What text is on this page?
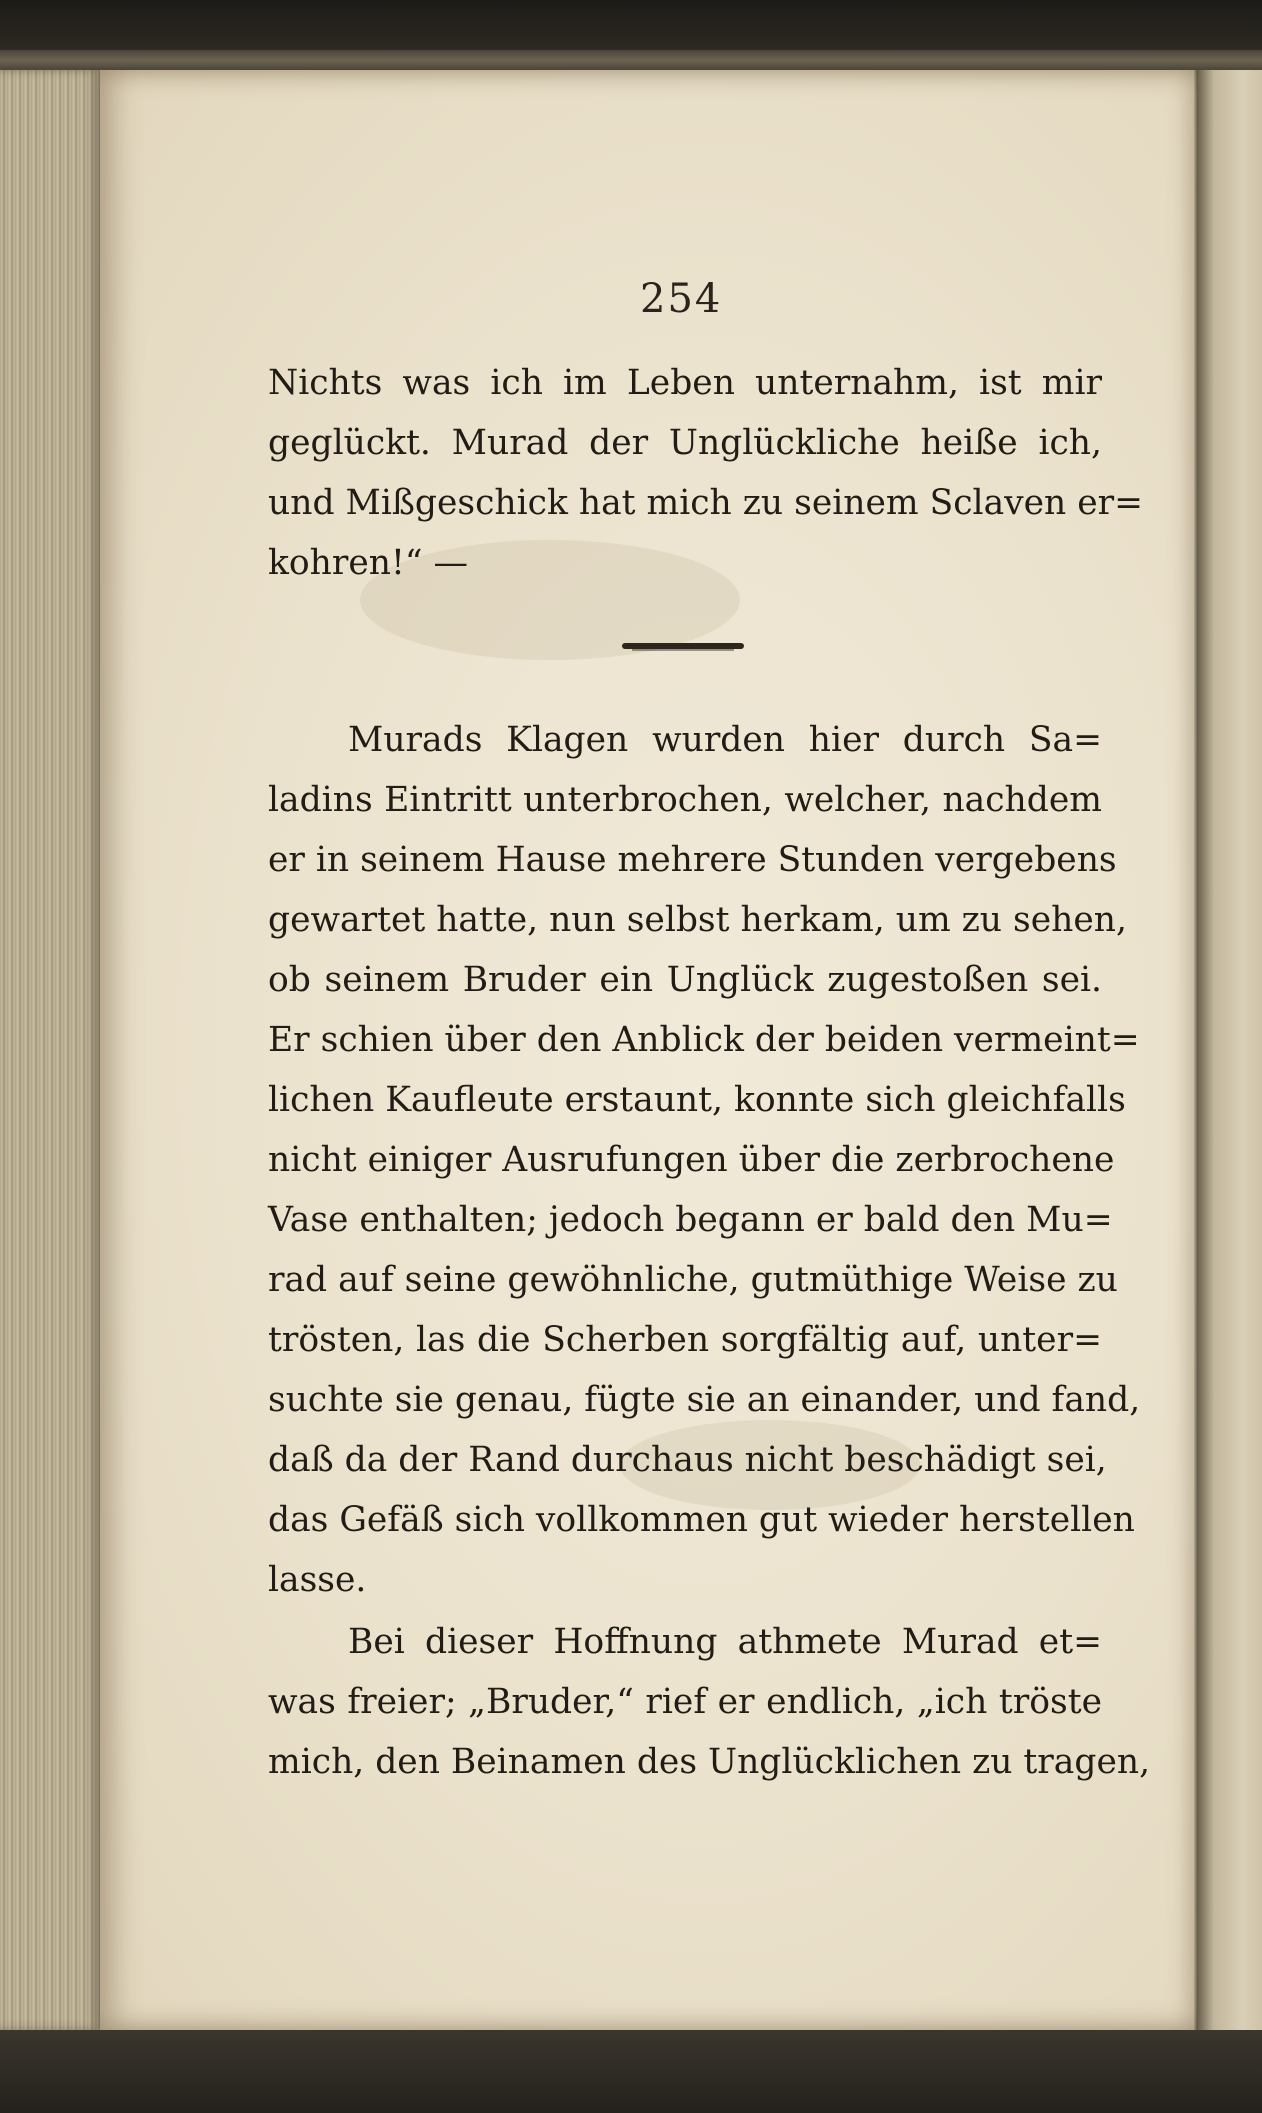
254
Nichts was ich im Leben unternahm, ist mir
geglückt. Murad der Unglückliche heiße ich,
und Mißgeschick hat mich zu seinem Sclaven er=
kohren!“ —
Murads Klagen wurden hier durch Sa=
ladins Eintritt unterbrochen, welcher, nachdem
er in seinem Hause mehrere Stunden vergebens
gewartet hatte, nun selbst herkam, um zu sehen,
ob seinem Bruder ein Unglück zugestoßen sei.
Er schien über den Anblick der beiden vermeint=
lichen Kaufleute erstaunt, konnte sich gleichfalls
nicht einiger Ausrufungen über die zerbrochene
Vase enthalten; jedoch begann er bald den Mu=
rad auf seine gewöhnliche, gutmüthige Weise zu
trösten, las die Scherben sorgfältig auf, unter=
suchte sie genau, fügte sie an einander, und fand,
daß da der Rand durchaus nicht beschädigt sei,
das Gefäß sich vollkommen gut wieder herstellen
lasse.
Bei dieser Hoffnung athmete Murad et=
was freier; „Bruder,“ rief er endlich, „ich tröste
mich, den Beinamen des Unglücklichen zu tragen,
